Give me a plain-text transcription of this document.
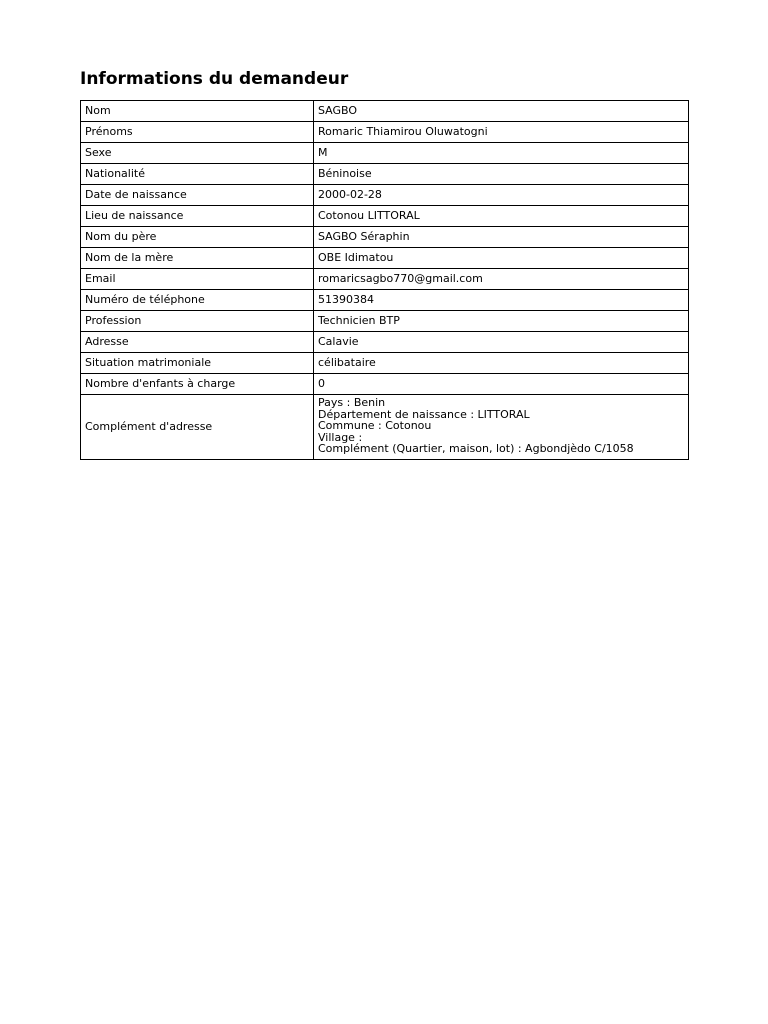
Informations du demandeur
Nom	SAGBO
Prénoms	Romaric Thiamirou Oluwatogni
Sexe	M
Nationalité	Béninoise
Date de naissance	2000-02-28
Lieu de naissance	Cotonou LITTORAL
Nom du père	SAGBO Séraphin
Nom de la mère	OBE Idimatou
Email	romaricsagbo770@gmail.com
Numéro de téléphone	51390384
Profession	Technicien BTP
Adresse	Calavie
Situation matrimoniale	célibataire
Nombre d'enfants à charge	0
Complément d'adresse	Pays : Benin
Département de naissance : LITTORAL
Commune : Cotonou
Village :
Complément (Quartier, maison, lot) : Agbondjèdo C/1058
